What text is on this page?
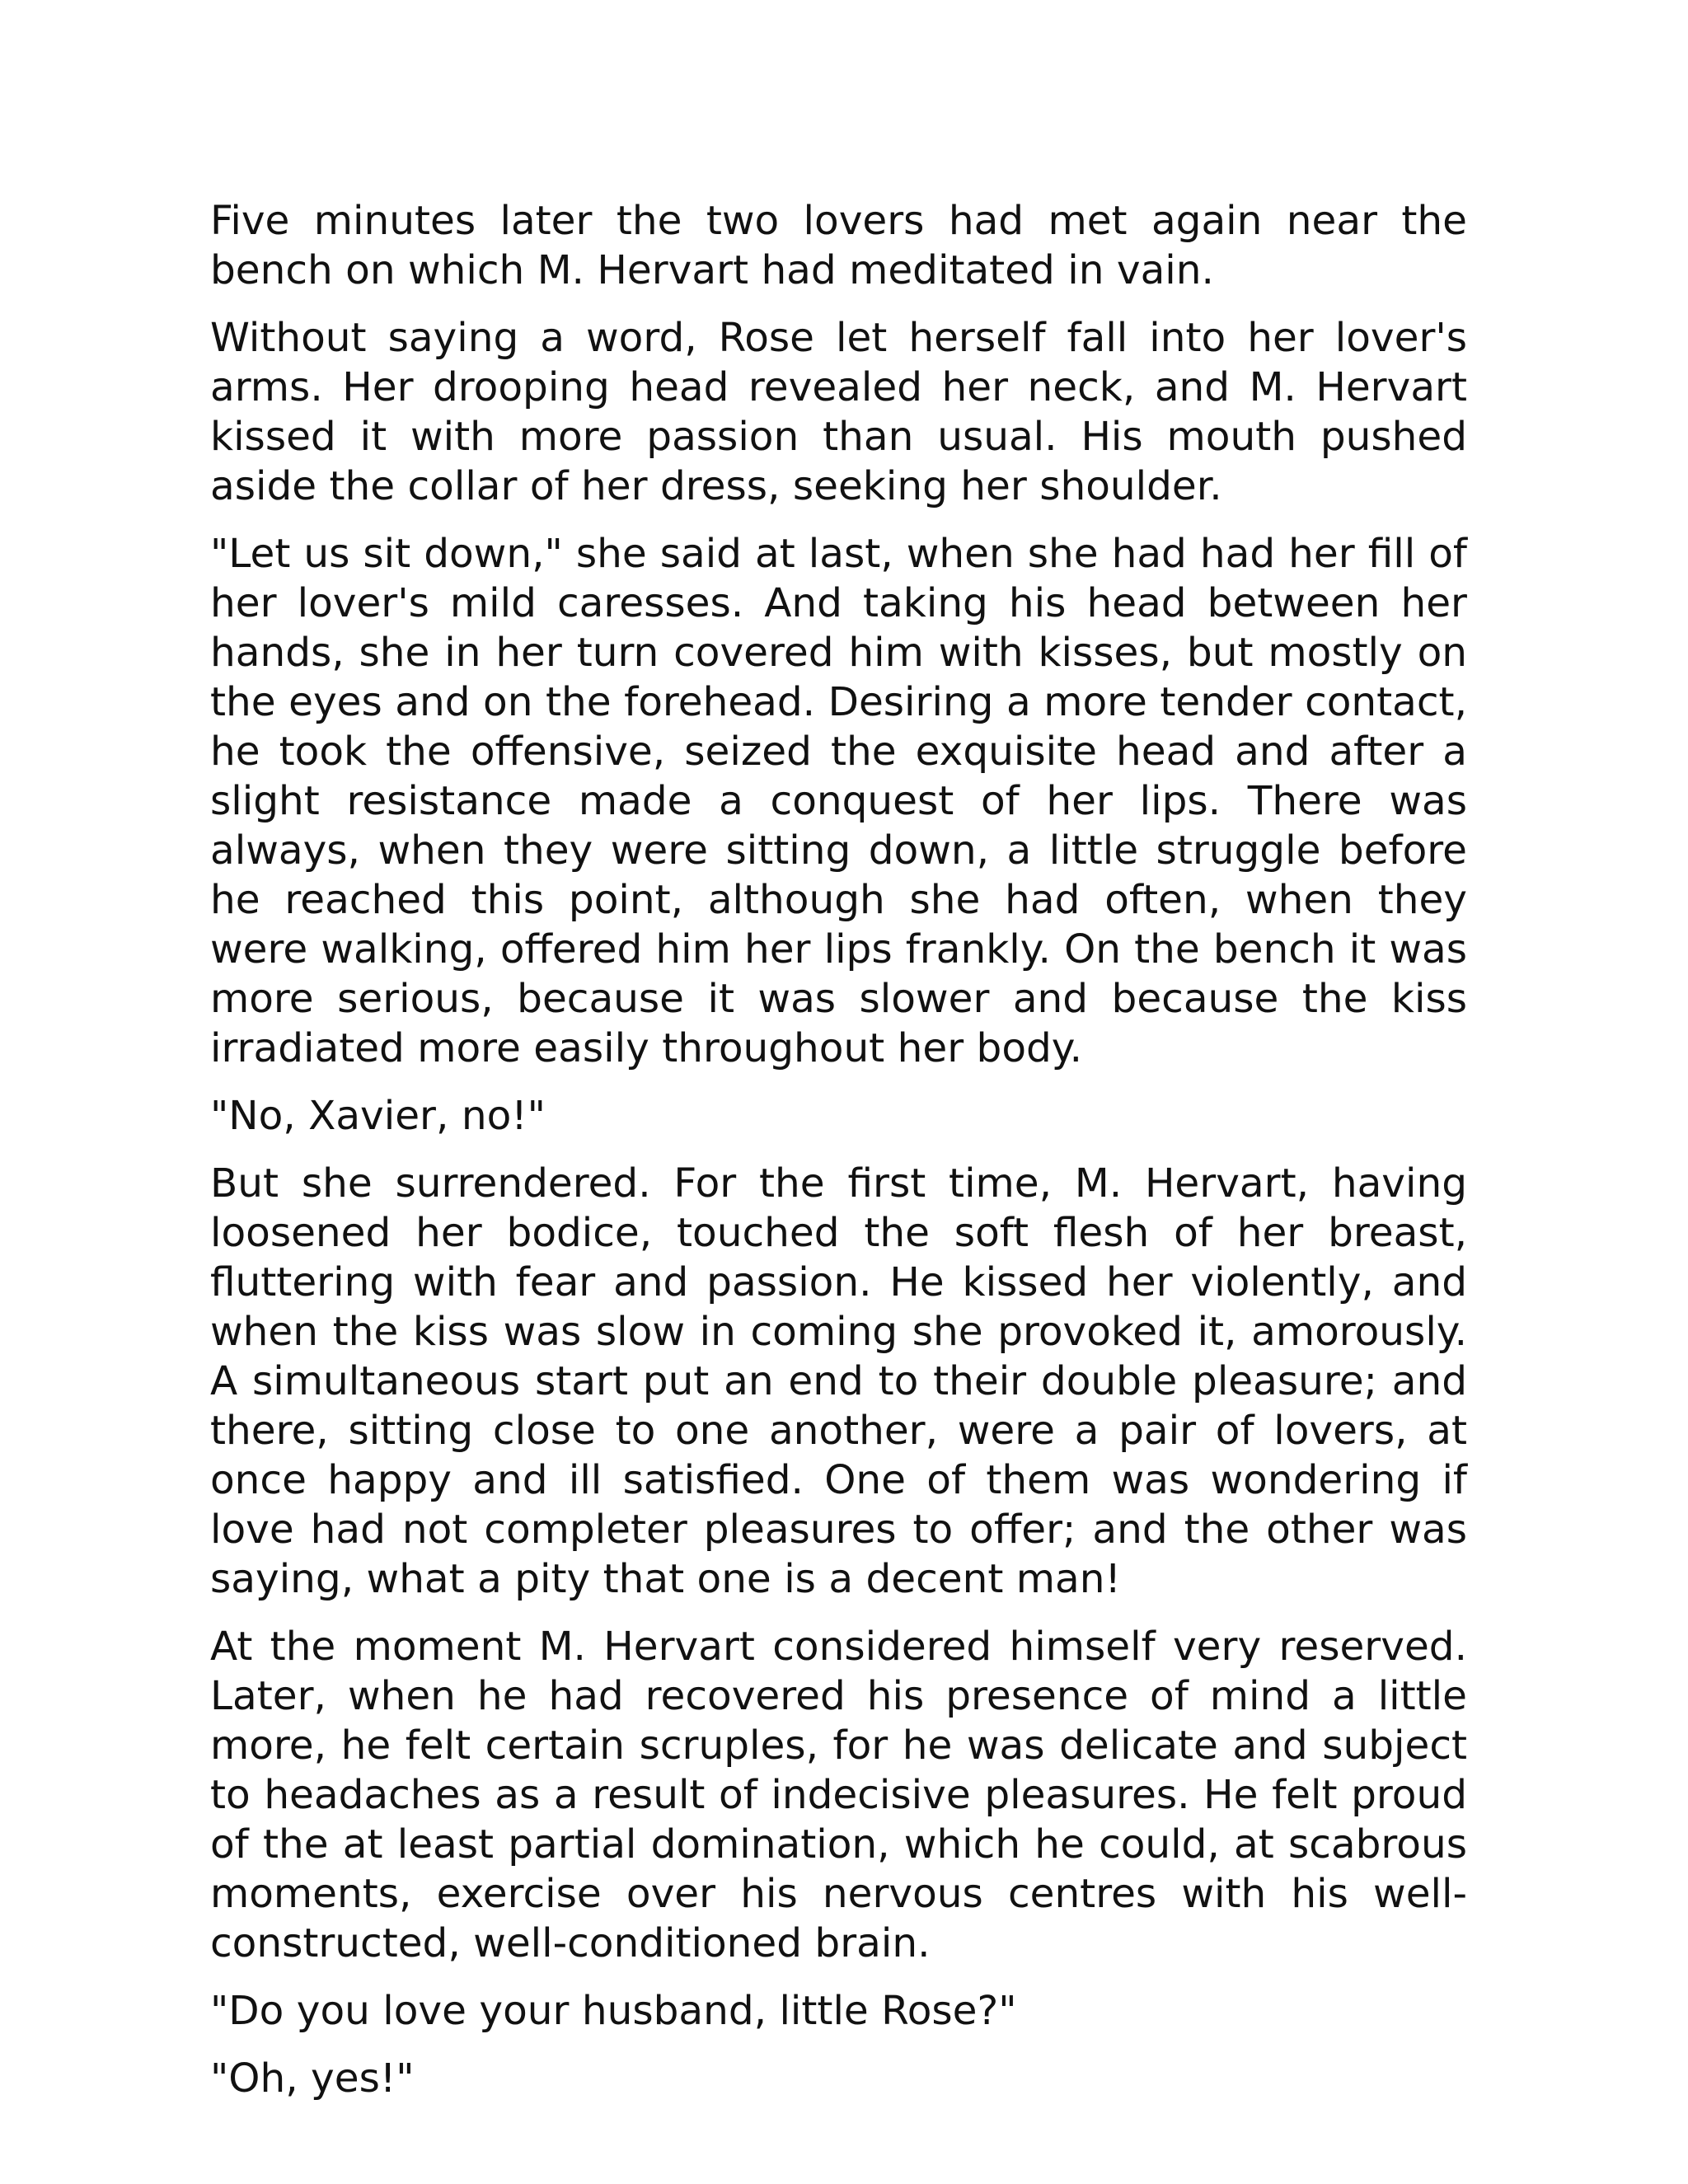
Five minutes later the two lovers had met again near the bench on which M. Hervart had meditated in vain.

Without saying a word, Rose let herself fall into her lover's arms. Her drooping head revealed her neck, and M. Hervart kissed it with more passion than usual. His mouth pushed aside the collar of her dress, seeking her shoulder.

"Let us sit down," she said at last, when she had had her fill of her lover's mild caresses. And taking his head between her hands, she in her turn covered him with kisses, but mostly on the eyes and on the forehead. Desiring a more tender contact, he took the offensive, seized the exquisite head and after a slight resistance made a conquest of her lips. There was always, when they were sitting down, a little struggle before he reached this point, although she had often, when they were walking, offered him her lips frankly. On the bench it was more serious, because it was slower and because the kiss irradiated more easily throughout her body.

"No, Xavier, no!"

But she surrendered. For the first time, M. Hervart, having loosened her bodice, touched the soft flesh of her breast, fluttering with fear and passion. He kissed her violently, and when the kiss was slow in coming she provoked it, amorously. A simultaneous start put an end to their double pleasure; and there, sitting close to one another, were a pair of lovers, at once happy and ill satisfied. One of them was wondering if love had not completer pleasures to offer; and the other was saying, what a pity that one is a decent man!

At the moment M. Hervart considered himself very reserved. Later, when he had recovered his presence of mind a little more, he felt certain scruples, for he was delicate and subject to headaches as a result of indecisive pleasures. He felt proud of the at least partial domination, which he could, at scabrous moments, exercise over his nervous centres with his well-constructed, well-conditioned brain.

"Do you love your husband, little Rose?"

"Oh, yes!"
